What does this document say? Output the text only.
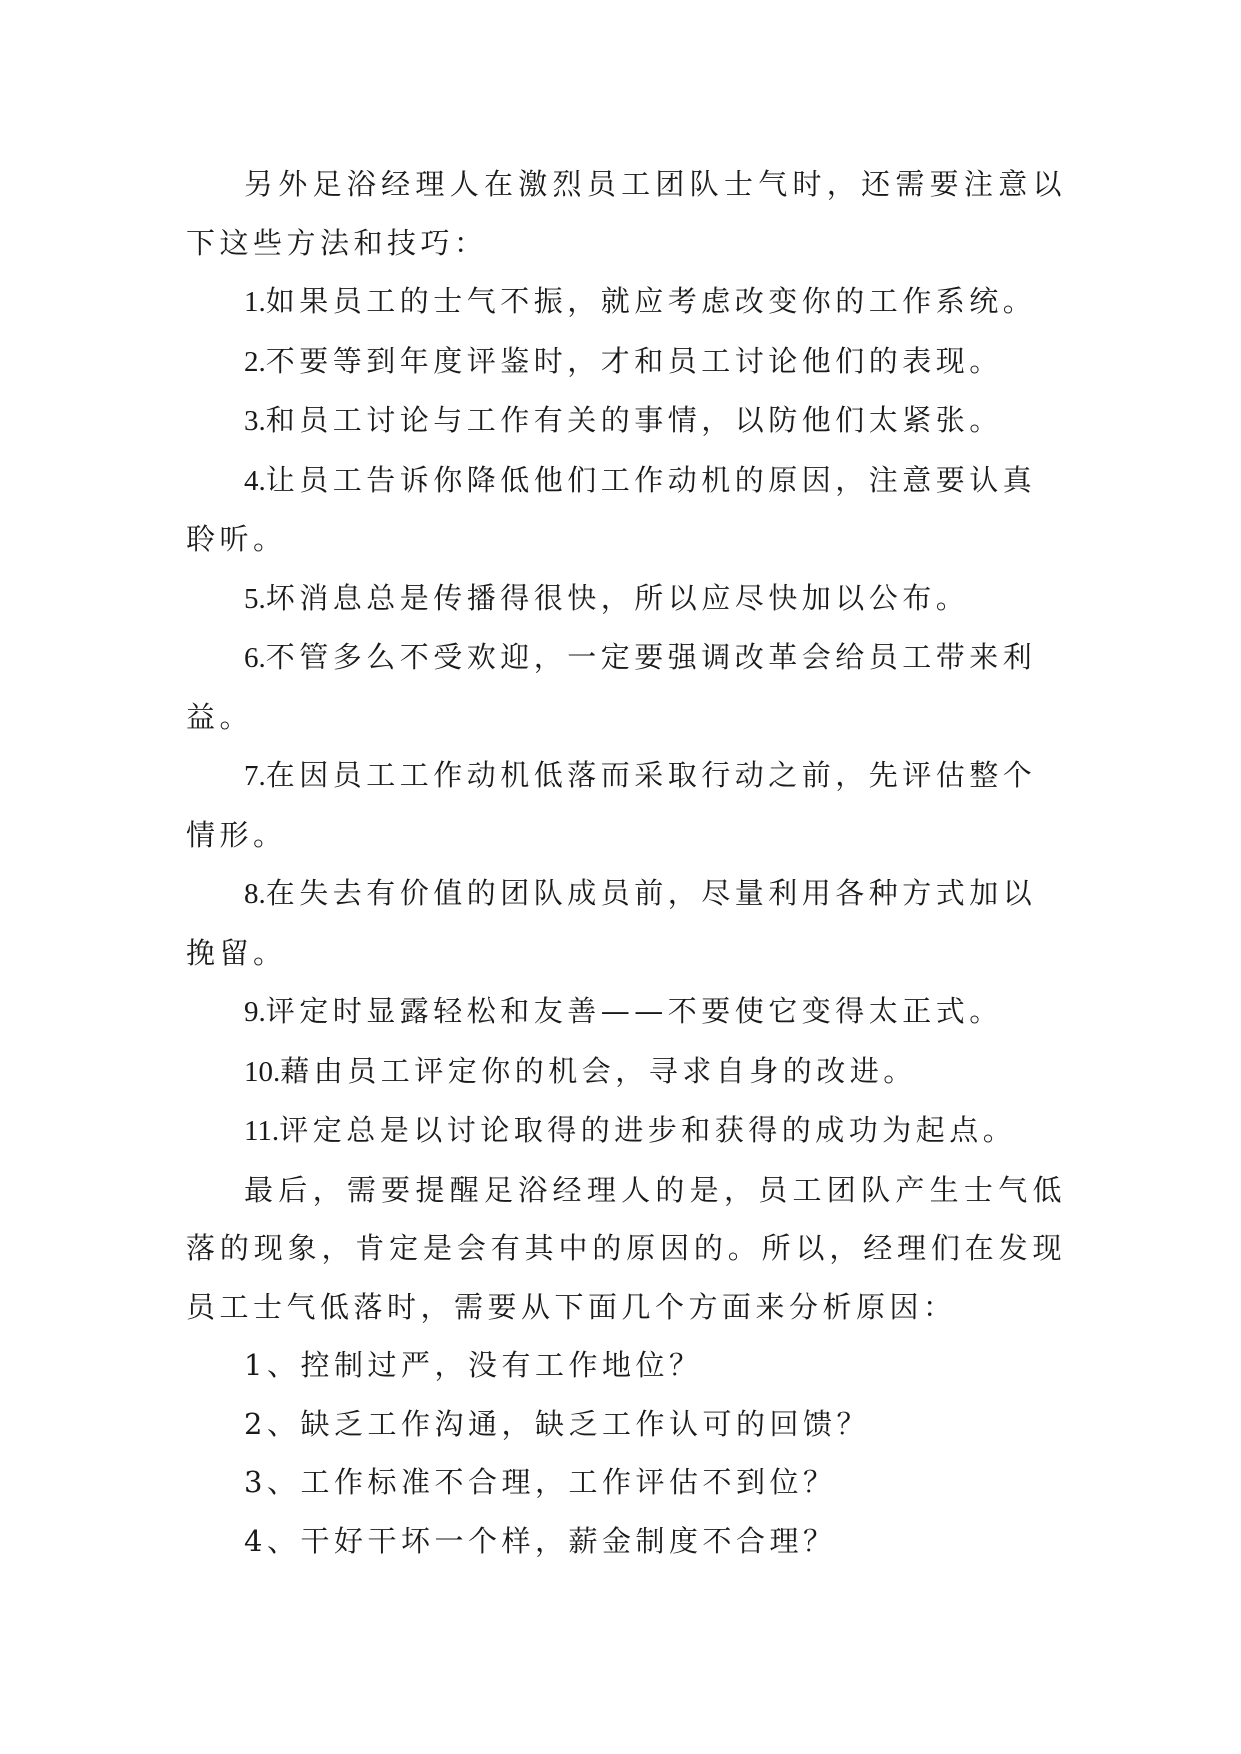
另外足浴经理人在激烈员工团队士气时，还需要注意以下这些方法和技巧：

1.如果员工的士气不振，就应考虑改变你的工作系统。

2.不要等到年度评鉴时，才和员工讨论他们的表现。

3.和员工讨论与工作有关的事情，以防他们太紧张。

4.让员工告诉你降低他们工作动机的原因，注意要认真聆听。

5.坏消息总是传播得很快，所以应尽快加以公布。

6.不管多么不受欢迎，一定要强调改革会给员工带来利益。

7.在因员工工作动机低落而采取行动之前，先评估整个情形。

8.在失去有价值的团队成员前，尽量利用各种方式加以挽留。

9.评定时显露轻松和友善——不要使它变得太正式。

10.藉由员工评定你的机会，寻求自身的改进。

11.评定总是以讨论取得的进步和获得的成功为起点。

最后，需要提醒足浴经理人的是，员工团队产生士气低落的现象，肯定是会有其中的原因的。所以，经理们在发现员工士气低落时，需要从下面几个方面来分析原因：

1、控制过严，没有工作地位？

2、缺乏工作沟通，缺乏工作认可的回馈？

3、工作标准不合理，工作评估不到位？

4、干好干坏一个样，薪金制度不合理？
